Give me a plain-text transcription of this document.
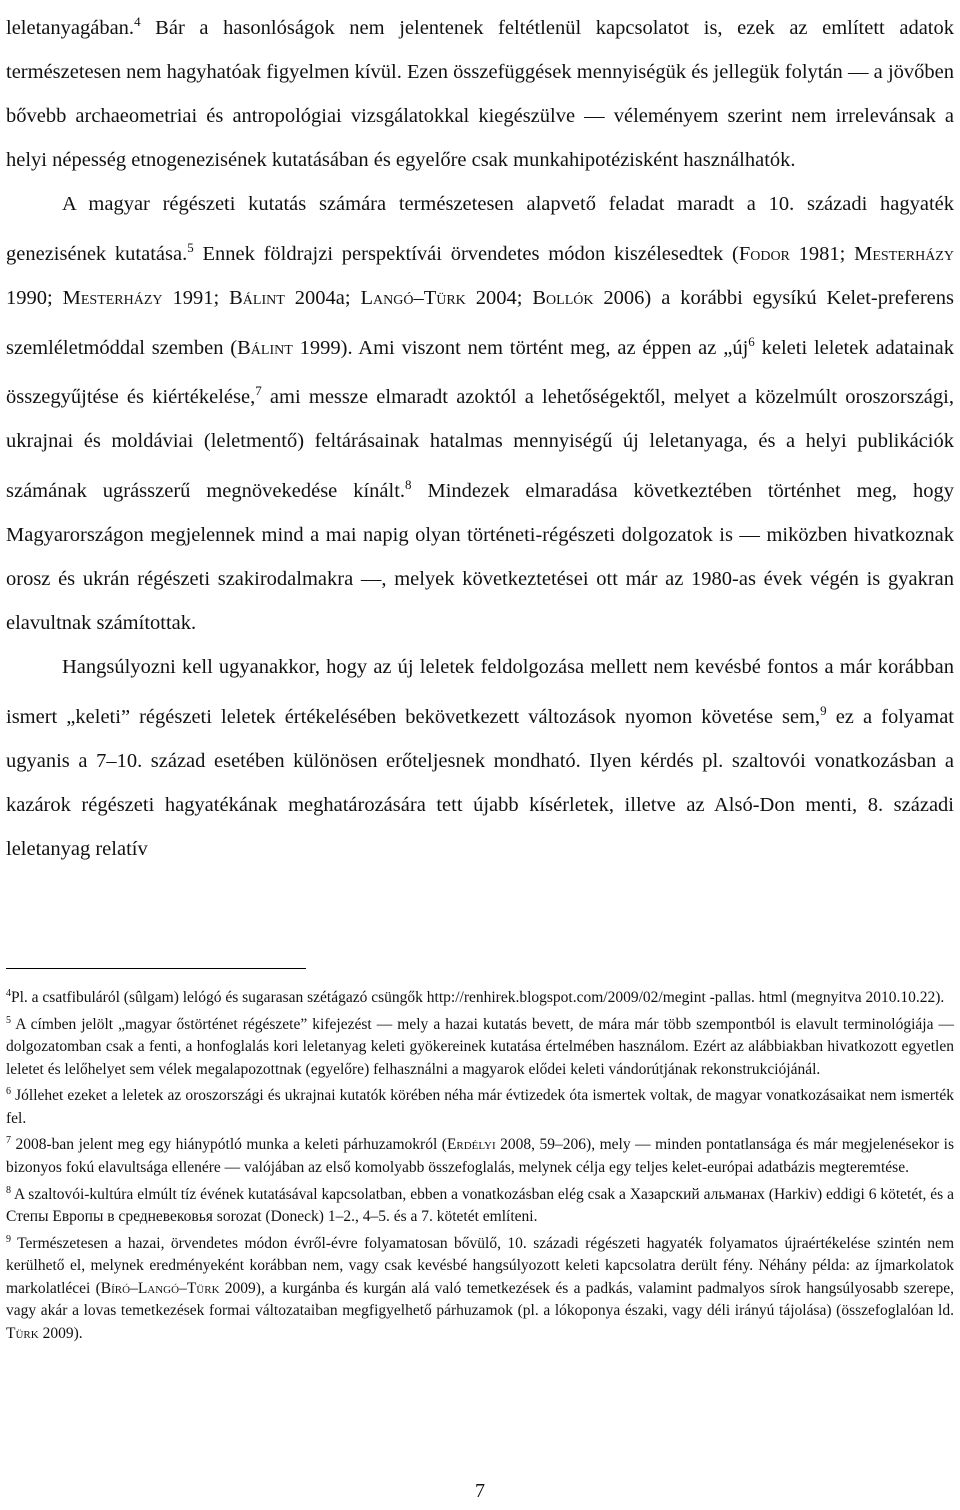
leletanyagában.$^4$ Bár a hasonlóságok nem jelentenek feltétlenül kapcsolatot is, ezek az említett adatok természetesen nem hagyhatóak figyelmen kívül. Ezen összefüggések mennyiségük és jellegük folytán — a jövőben bővebb archaeometriai és antropológiai vizsgálatokkal kiegészülve — véleményem szerint nem irrelevánsak a helyi népesség etnogenezisének kutatásában és egyelőre csak munkahipotézisként használhatók.

A magyar régészeti kutatás számára természetesen alapvető feladat maradt a 10. századi hagyaték genezisének kutatása.$^5$ Ennek földrajzi perspektívái örvendetes módon kiszélesedtek (Fodor 1981; Mesterházy 1990; Mesterházy 1991; Bálint 2004a; Langó–Türk 2004; Bollók 2006) a korábbi egysíkú Kelet-preferens szemléletmóddal szemben (Bálint 1999). Ami viszont nem történt meg, az éppen az $„új^6$ keleti leletek adatainak összegyűjtése és kiértékelése,$^7$ ami messze elmaradt azoktól a lehetőségektől, melyet a közelmúlt oroszországi, ukrajnai és moldáviai (leletmentő) feltárásainak hatalmas mennyiségű új leletanyaga, és a helyi publikációk számának ugrásszerű megnövekedése kínált.$^8$ Mindezek elmaradása következtében történhet meg, hogy Magyarországon megjelennek mind a mai napig olyan történeti-régészeti dolgozatok is — miközben hivatkoznak orosz és ukrán régészeti szakirodalmakra —, melyek következtetései ott már az 1980-as évek végén is gyakran elavultnak számítottak.

Hangsúlyozni kell ugyanakkor, hogy az új leletek feldolgozása mellett nem kevésbé fontos a már korábban ismert „keleti” régészeti leletek értékelésében bekövetkezett változások nyomon követése sem,$^9$ ez a folyamat ugyanis a 7–10. század esetében különösen erőteljesnek mondható. Ilyen kérdés pl. szaltovói vonatkozásban a kazárok régészeti hagyatékának meghatározására tett újabb kísérletek, illetve az Alsó-Don menti, 8. századi leletanyag relatív

$^4$Pl. a csatfibuláról (sûlgam) lelógó és sugarasan szétágazó csüngők http://renhirek.blogspot.com/2009/02/megint -pallas. html (megnyitva 2010.10.22).

$^5$ A címben jelölt „magyar őstörténet régészete” kifejezést — mely a hazai kutatás bevett, de mára már több szempontból is elavult terminológiája — dolgozatomban csak a fenti, a honfoglalás kori leletanyag keleti gyökereinek kutatása értelmében használom. Ezért az alábbiakban hivatkozott egyetlen leletet és lelőhelyet sem vélek megalapozottnak (egyelőre) felhasználni a magyarok elődei keleti vándorútjának rekonstrukciójánál.

$^6$ Jóllehet ezeket a leletek az oroszországi és ukrajnai kutatók körében néha már évtizedek óta ismertek voltak, de magyar vonatkozásaikat nem ismerték fel.

$^7$ 2008-ban jelent meg egy hiánypótló munka a keleti párhuzamokról (Erdélyi 2008, 59–206), mely — minden pontatlansága és már megjelenésekor is bizonyos fokú elavultsága ellenére — valójában az első komolyabb összefoglalás, melynek célja egy teljes kelet-európai adatbázis megteremtése.

$^8$ A szaltovói-kultúra elmúlt tíz évének kutatásával kapcsolatban, ebben a vonatkozásban elég csak a Хазарский альманах (Harkiv) eddigi 6 kötetét, és a Степы Европы в средневековья sorozat (Doneck) 1–2., 4–5. és a 7. kötetét említeni.

$^9$ Természetesen a hazai, örvendetes módon évről-évre folyamatosan bővülő, 10. századi régészeti hagyaték folyamatos újraértékelése szintén nem kerülhető el, melynek eredményeként korábban nem, vagy csak kevésbé hangsúlyozott keleti kapcsolatra derült fény. Néhány példa: az íjmarkolatok markolatlécei (Bíró–Langó–Türk 2009), a kurgánba és kurgán alá való temetkezések és a padkás, valamint padmalyos sírok hangsúlyosabb szerepe, vagy akár a lovas temetkezések formai változataiban megfigyelhető párhuzamok (pl. a lókoponya északi, vagy déli irányú tájolása) (összefoglalóan ld. Türk 2009).

7
